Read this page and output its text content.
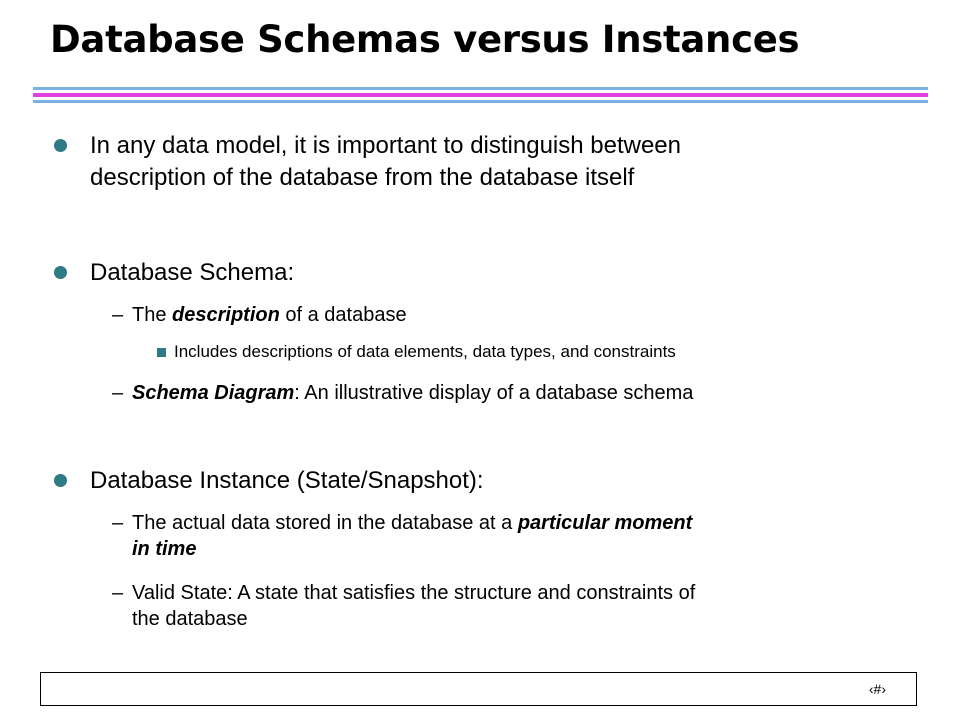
Database Schemas versus Instances
In any data model, it is important to distinguish between
description of the database from the database itself
Database Schema:
– The description of a database
Includes descriptions of data elements, data types, and constraints
– Schema Diagram: An illustrative display of a database schema
Database Instance (State/Snapshot):
– The actual data stored in the database at a particular moment
in time
– Valid State: A state that satisfies the structure and constraints of
the database
‹#›
